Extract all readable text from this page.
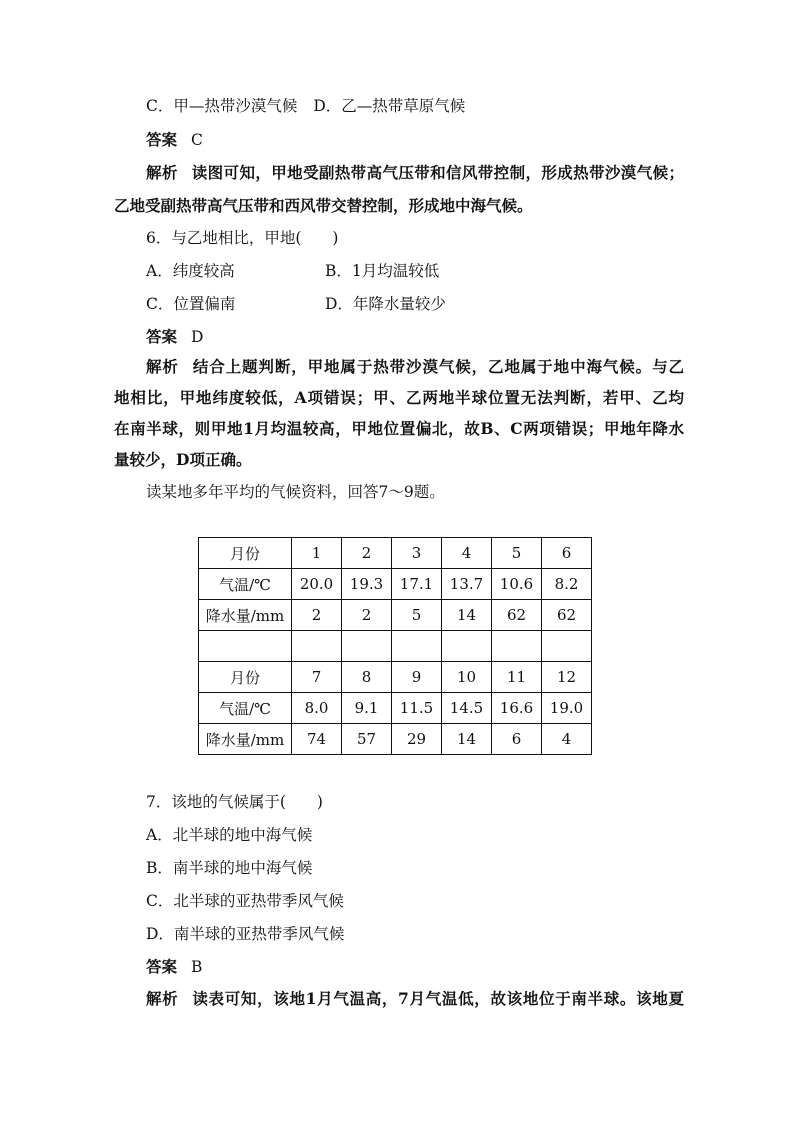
C．甲—热带沙漠气候 D．乙—热带草原气候
答案 C
解析 读图可知，甲地受副热带高气压带和信风带控制，形成热带沙漠气候；
乙地受副热带高气压带和西风带交替控制，形成地中海气候。
6．与乙地相比，甲地(　　)
A．纬度较高	B．1月均温较低
C．位置偏南	D．年降水量较少
答案 D
解析 结合上题判断，甲地属于热带沙漠气候，乙地属于地中海气候。与乙
地相比，甲地纬度较低，A项错误；甲、乙两地半球位置无法判断，若甲、乙均
在南半球，则甲地1月均温较高，甲地位置偏北，故B、C两项错误；甲地年降水
量较少，D项正确。
读某地多年平均的气候资料，回答7～9题。
月份	1	2	3	4	5	6
气温/℃	20.0	19.3	17.1	13.7	10.6	8.2
降水量/mm	2	2	5	14	62	62

月份	7	8	9	10	11	12
气温/℃	8.0	9.1	11.5	14.5	16.6	19.0
降水量/mm	74	57	29	14	6	4
7．该地的气候属于(　　)
A．北半球的地中海气候
B．南半球的地中海气候
C．北半球的亚热带季风气候
D．南半球的亚热带季风气候
答案 B
解析 读表可知，该地1月气温高，7月气温低，故该地位于南半球。该地夏
